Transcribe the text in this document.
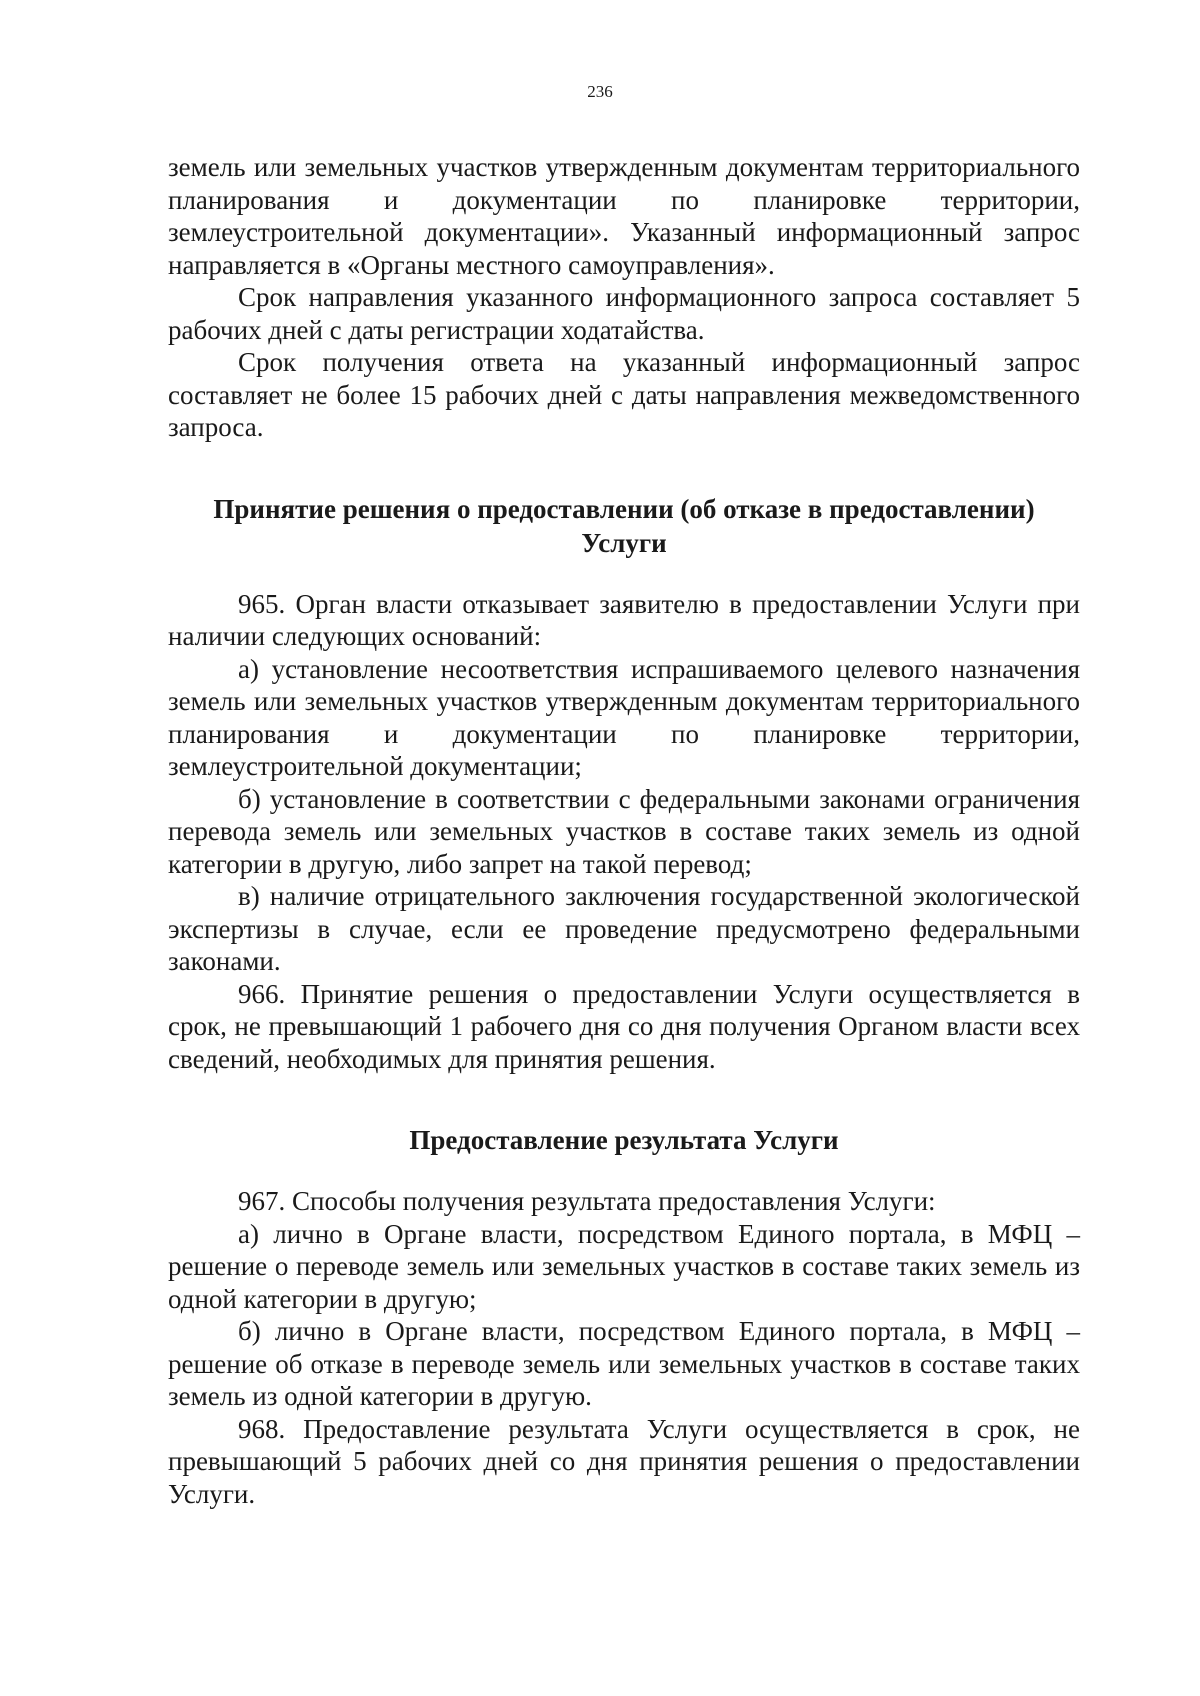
236

земель или земельных участков утвержденным документам территориального планирования и документации по планировке территории, землеустроительной документации». Указанный информационный запрос направляется в «Органы местного самоуправления».

Срок направления указанного информационного запроса составляет 5 рабочих дней с даты регистрации ходатайства.

Срок получения ответа на указанный информационный запрос составляет не более 15 рабочих дней с даты направления межведомственного запроса.

Принятие решения о предоставлении (об отказе в предоставлении)
Услуги

965. Орган власти отказывает заявителю в предоставлении Услуги при наличии следующих оснований:

а) установление несоответствия испрашиваемого целевого назначения земель или земельных участков утвержденным документам территориального планирования и документации по планировке территории, землеустроительной документации;

б) установление в соответствии с федеральными законами ограничения перевода земель или земельных участков в составе таких земель из одной категории в другую, либо запрет на такой перевод;

в) наличие отрицательного заключения государственной экологической экспертизы в случае, если ее проведение предусмотрено федеральными законами.

966. Принятие решения о предоставлении Услуги осуществляется в срок, не превышающий 1 рабочего дня со дня получения Органом власти всех сведений, необходимых для принятия решения.

Предоставление результата Услуги

967. Способы получения результата предоставления Услуги:

а) лично в Органе власти, посредством Единого портала, в МФЦ – решение о переводе земель или земельных участков в составе таких земель из одной категории в другую;

б) лично в Органе власти, посредством Единого портала, в МФЦ – решение об отказе в переводе земель или земельных участков в составе таких земель из одной категории в другую.

968. Предоставление результата Услуги осуществляется в срок, не превышающий 5 рабочих дней со дня принятия решения о предоставлении Услуги.
